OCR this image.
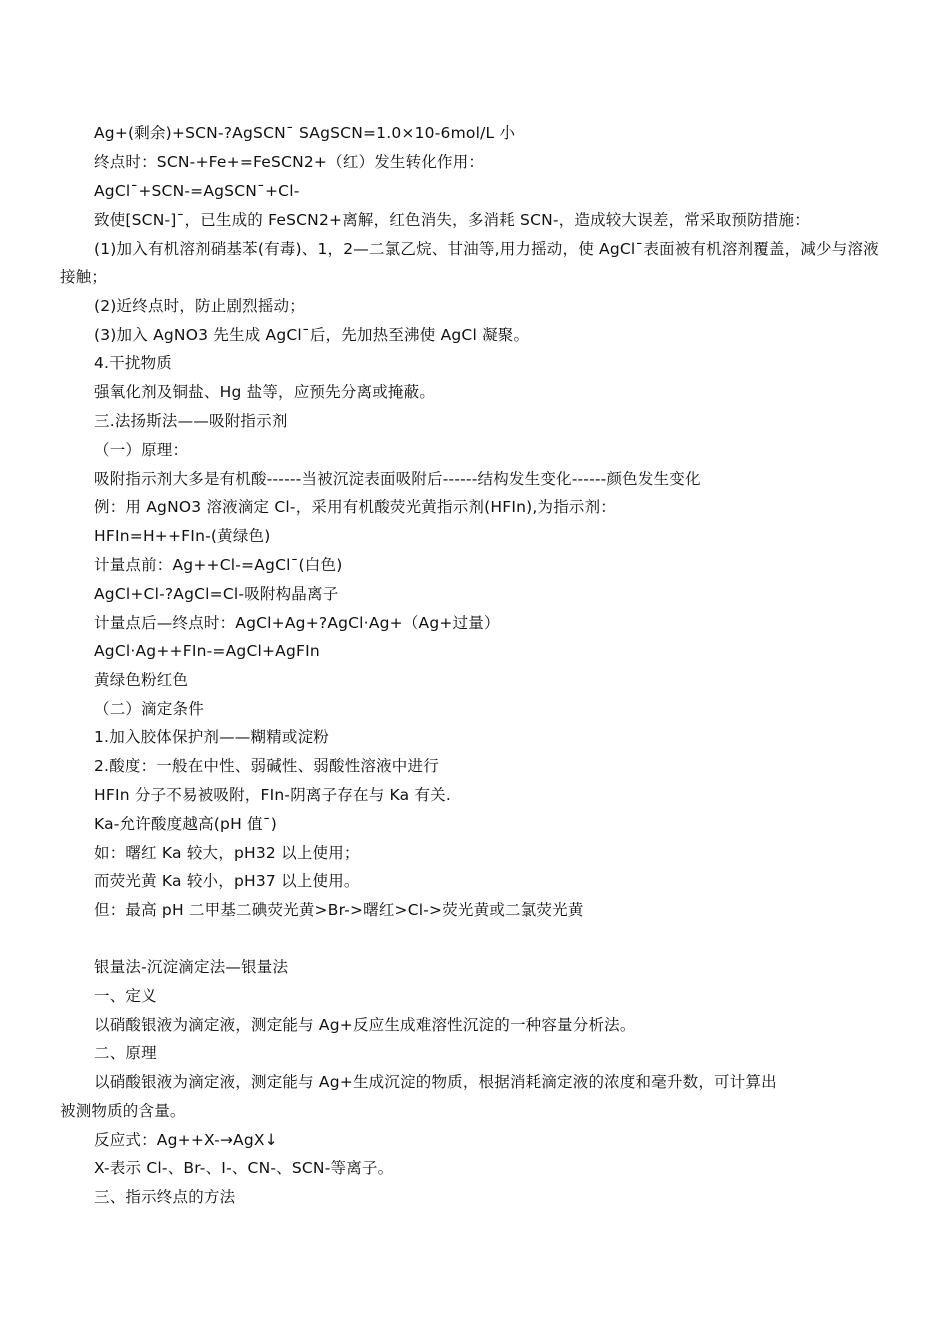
Ag+(剩余)+SCN-?AgSCN¯ SAgSCN=1.0×10-6mol/L 小
终点时：SCN-+Fe+=FeSCN2+（红）发生转化作用：
AgCl¯+SCN-=AgSCN¯+Cl-
致使[SCN-]¯，已生成的 FeSCN2+离解，红色消失，多消耗 SCN-，造成较大误差，常采取预防措施：
(1)加入有机溶剂硝基苯(有毒)、1，2—二氯乙烷、甘油等,用力摇动，使 AgCl¯表面被有机溶剂覆盖，减少与溶液
接触；
(2)近终点时，防止剧烈摇动；
(3)加入 AgNO3 先生成 AgCl¯后，先加热至沸使 AgCl 凝聚。
4.干扰物质
强氧化剂及铜盐、Hg 盐等，应预先分离或掩蔽。
三.法扬斯法——吸附指示剂
（一）原理：
吸附指示剂大多是有机酸------当被沉淀表面吸附后------结构发生变化------颜色发生变化
例：用 AgNO3 溶液滴定 Cl-，采用有机酸荧光黄指示剂(HFIn),为指示剂：
HFIn=H++FIn-(黄绿色)
计量点前：Ag++Cl-=AgCl¯(白色)
AgCl+Cl-?AgCl=Cl-吸附构晶离子
计量点后—终点时：AgCl+Ag+?AgCl·Ag+（Ag+过量）
AgCl·Ag++FIn-=AgCl+AgFIn
黄绿色粉红色
（二）滴定条件
1.加入胶体保护剂——糊精或淀粉
2.酸度：一般在中性、弱碱性、弱酸性溶液中进行
HFIn 分子不易被吸附，FIn-阴离子存在与 Ka 有关.
Ka-允许酸度越高(pH 值¯)
如：曙红 Ka 较大，pH32 以上使用；
而荧光黄 Ka 较小，pH37 以上使用。
但：最高 pH 二甲基二碘荧光黄>Br->曙红>Cl->荧光黄或二氯荧光黄
银量法-沉淀滴定法—银量法
一、定义
以硝酸银液为滴定液，测定能与 Ag+反应生成难溶性沉淀的一种容量分析法。
二、原理
以硝酸银液为滴定液，测定能与 Ag+生成沉淀的物质，根据消耗滴定液的浓度和毫升数，可计算出
被测物质的含量。
反应式：Ag++X-→AgX↓
X-表示 Cl-、Br-、I-、CN-、SCN-等离子。
三、指示终点的方法
